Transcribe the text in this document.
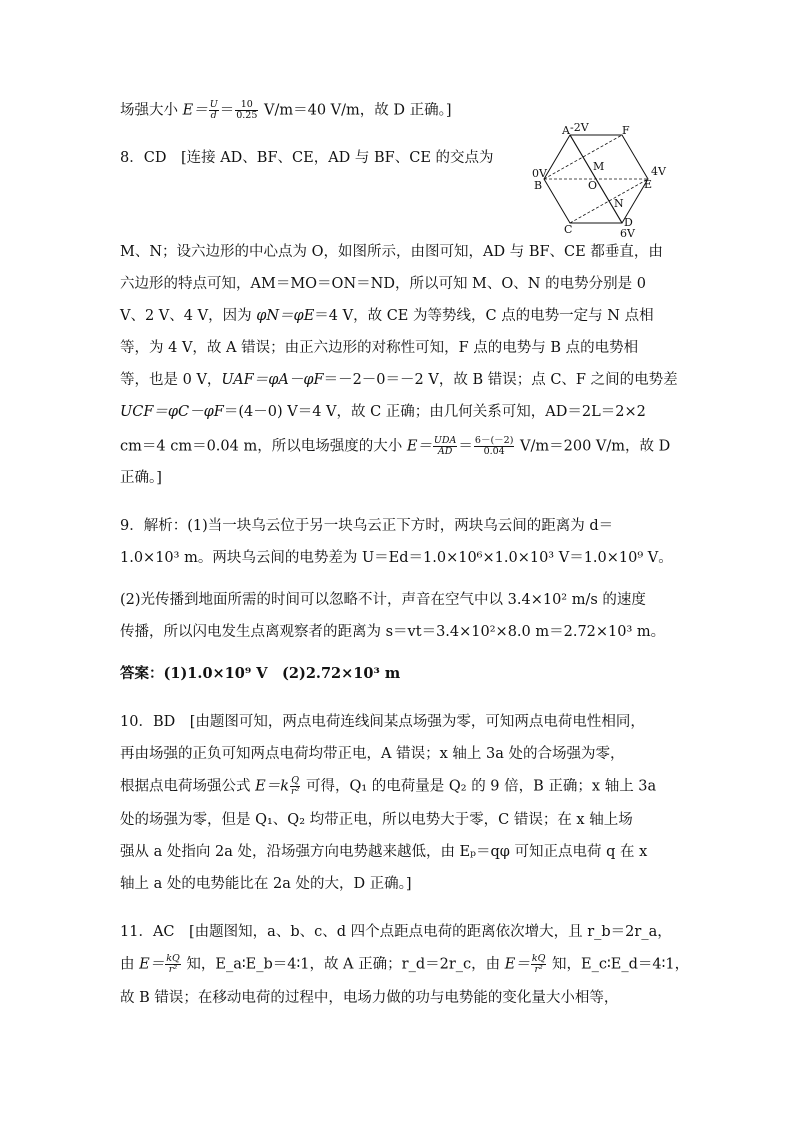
场强大小 $E= \frac{U}{d} = \frac{10}{0.25} V/m=40$ V/m，故 D 正确。]
8．CD　[连接 AD、BF、CE，AD 与 BF、CE 的交点为
A -2V	F
0V
B
4V
E
C
D
6V
M
O
N
M、N；设六边形的中心点为 O，如图所示，由图可知，AD 与 BF、CE 都垂直，由
六边形的特点可知，AM＝MO＝ON＝ND，所以可知 M、O、N 的电势分别是 0
V、2 V、4 V，因为 φN＝φE＝4 V，故 CE 为等势线，C 点的电势一定与 N 点相
等，为 4 V，故 A 错误；由正六边形的对称性可知，F 点的电势与 B 点的电势相
等，也是 0 V，UAF＝φA－φF＝－2－0＝－2 V，故 B 错误；点 C、F 之间的电势差
UCF＝φC－φF＝(4－0) V＝4 V，故 C 正确；由几何关系可知，AD＝2L＝2×2
cm＝4 cm＝0.04 m，所以电场强度的大小 $E= \frac{\text{UDA}}{AD} = \frac{6-(-2)}{0.04} V/m=200$ V/m，故 D
正确。]
9．解析：(1)当一块乌云位于另一块乌云正下方时，两块乌云间的距离为 d＝
1.0×10³ m。两块乌云间的电势差为 U＝Ed＝1.0×10⁶×1.0×10³ V＝1.0×10⁹ V。
(2)光传播到地面所需的时间可以忽略不计，声音在空气中以 3.4×10² m/s 的速度
传播，所以闪电发生点离观察者的距离为 s＝vt＝3.4×10²×8.0 m＝2.72×10³ m。
答案：(1)1.0×10⁹ V　(2)2.72×10³ m
10．BD　[由题图可知，两点电荷连线间某点场强为零，可知两点电荷电性相同，
再由场强的正负可知两点电荷均带正电，A 错误；x 轴上 3a 处的合场强为零，
根据点电荷场强公式 $E=k \frac{Q}{\text{r²}}$ 可得，Q₁ 的电荷量是 Q₂ 的 9 倍，B 正确；x 轴上 3a
处的场强为零，但是 Q₁、Q₂ 均带正电，所以电势大于零，C 错误；在 x 轴上场
强从 a 处指向 2a 处，沿场强方向电势越来越低，由 Eₚ＝qφ 可知正点电荷 q 在 x
轴上 a 处的电势能比在 2a 处的大，D 正确。]
11．AC　[由题图知，a、b、c、d 四个点距点电荷的距离依次增大，且 r_b＝2r_a，
由 $E= \frac{kQ}{\text{r²}}$ 知，E_a∶E_b＝4∶1，故 A 正确；r_d＝2r_c，由 $E= \frac{kQ}{\text{r²}}$ 知，E_c∶E_d＝4∶1，
故 B 错误；在移动电荷的过程中，电场力做的功与电势能的变化量大小相等，
